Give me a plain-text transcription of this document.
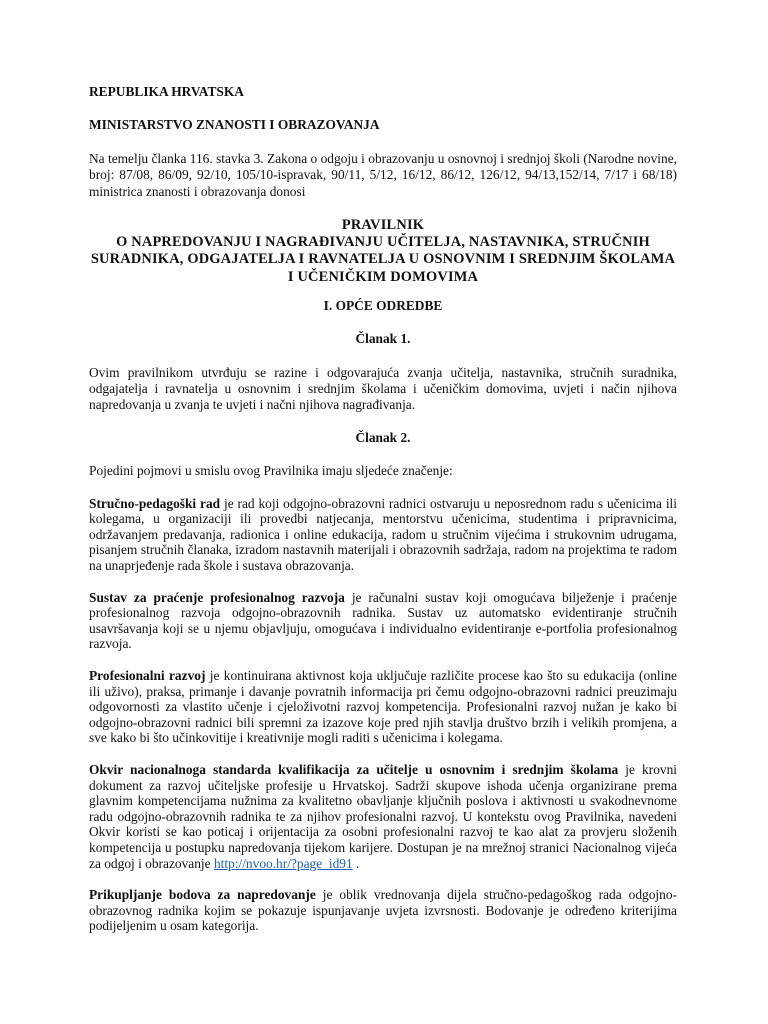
REPUBLIKA HRVATSKA

MINISTARSTVO ZNANOSTI I OBRAZOVANJA

Na temelju članka 116. stavka 3. Zakona o odgoju i obrazovanju u osnovnoj i srednjoj školi (Narodne novine, broj: 87/08, 86/09, 92/10, 105/10-ispravak, 90/11, 5/12, 16/12, 86/12, 126/12, 94/13,152/14, 7/17 i 68/18) ministrica znanosti i obrazovanja donosi

PRAVILNIK
O NAPREDOVANJU I NAGRAĐIVANJU UČITELJA, NASTAVNIKA, STRUČNIH SURADNIKA, ODGAJATELJA I RAVNATELJA U OSNOVNIM I SREDNJIM ŠKOLAMA I UČENIČKIM DOMOVIMA

I. OPĆE ODREDBE

Članak 1.

Ovim pravilnikom utvrđuju se razine i odgovarajuća zvanja učitelja, nastavnika, stručnih suradnika, odgajatelja i ravnatelja u osnovnim i srednjim školama i učeničkim domovima, uvjeti i način njihova napredovanja u zvanja te uvjeti i načni njihova nagrađivanja.

Članak 2.

Pojedini pojmovi u smislu ovog Pravilnika imaju sljedeće značenje:

Stručno-pedagoški rad je rad koji odgojno-obrazovni radnici ostvaruju u neposrednom radu s učenicima ili kolegama, u organizaciji ili provedbi natjecanja, mentorstvu učenicima, studentima i pripravnicima, održavanjem predavanja, radionica i online edukacija, radom u stručnim vijećima i strukovnim udrugama, pisanjem stručnih članaka, izradom nastavnih materijali i obrazovnih sadržaja, radom na projektima te radom na unaprjeđenje rada škole i sustava obrazovanja.

Sustav za praćenje profesionalnog razvoja je računalni sustav koji omogućava bilježenje i praćenje profesionalnog razvoja odgojno-obrazovnih radnika. Sustav uz automatsko evidentiranje stručnih usavršavanja koji se u njemu objavljuju, omogućava i individualno evidentiranje e-portfolia profesionalnog razvoja.

Profesionalni razvoj je kontinuirana aktivnost koja uključuje različite procese kao što su edukacija (online ili uživo), praksa, primanje i davanje povratnih informacija pri čemu odgojno-obrazovni radnici preuzimaju odgovornosti za vlastito učenje i cjeloživotni razvoj kompetencija. Profesionalni razvoj nužan je kako bi odgojno-obrazovni radnici bili spremni za izazove koje pred njih stavlja društvo brzih i velikih promjena, a sve kako bi što učinkovitije i kreativnije mogli raditi s učenicima i kolegama.

Okvir nacionalnoga standarda kvalifikacija za učitelje u osnovnim i srednjim školama je krovni dokument za razvoj učiteljske profesije u Hrvatskoj. Sadrži skupove ishoda učenja organizirane prema glavnim kompetencijama nužnima za kvalitetno obavljanje ključnih poslova i aktivnosti u svakodnevnome radu odgojno-obrazovnih radnika te za njihov profesionalni razvoj. U kontekstu ovog Pravilnika, navedeni Okvir koristi se kao poticaj i orijentacija za osobni profesionalni razvoj te kao alat za provjeru složenih kompetencija u postupku napredovanja tijekom karijere. Dostupan je na mrežnoj stranici Nacionalnog vijeća za odgoj i obrazovanje http://nvoo.hr/?page_id91 .

Prikupljanje bodova za napredovanje je oblik vrednovanja dijela stručno-pedagoškog rada odgojno-obrazovnog radnika kojim se pokazuje ispunjavanje uvjeta izvrsnosti. Bodovanje je određeno kriterijima podijeljenim u osam kategorija.
